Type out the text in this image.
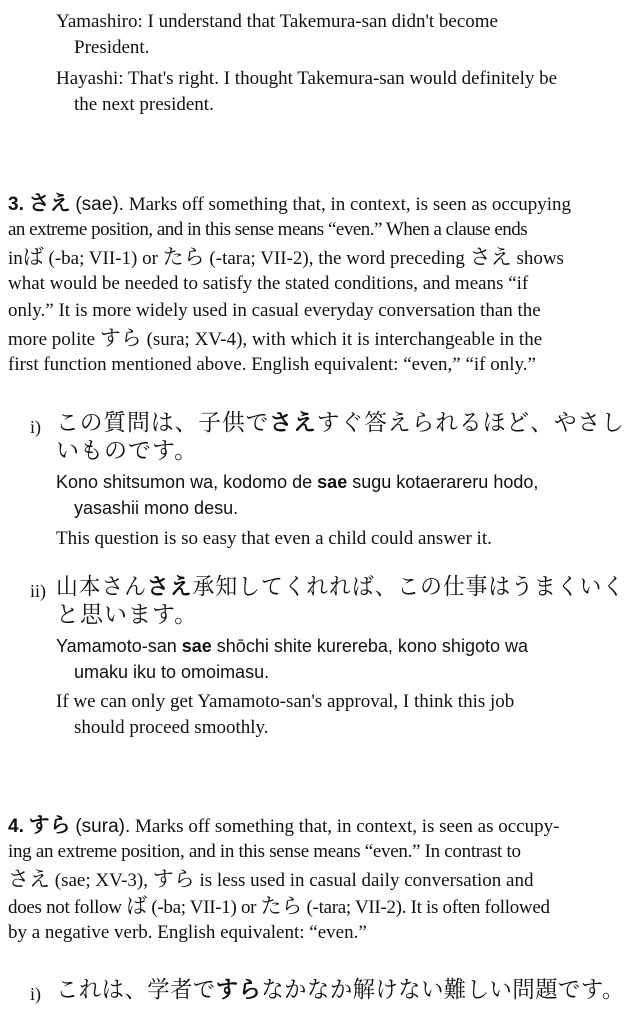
Yamashiro: I understand that Takemura-san didn't become
President.
Hayashi: That's right. I thought Takemura-san would definitely be
the next president.
3. さえ (sae). Marks off something that, in context, is seen as occupying
an extreme position, and in this sense means “even.” When a clause ends
inば (-ba; VII-1) or たら (-tara; VII-2), the word preceding さえ shows
what would be needed to satisfy the stated conditions, and means “if
only.” It is more widely used in casual everyday conversation than the
more polite すら (sura; XV-4), with which it is interchangeable in the
first function mentioned above. English equivalent: “even,” “if only.”
i) この質問は、子供でさえすぐ答えられるほど、やさし
いものです。
Kono shitsumon wa, kodomo de sae sugu kotaerareru hodo,
yasashii mono desu.
This question is so easy that even a child could answer it.
ii) 山本さんさえ承知してくれれば、この仕事はうまくいく
と思います。
Yamamoto-san sae shōchi shite kurereba, kono shigoto wa
umaku iku to omoimasu.
If we can only get Yamamoto-san's approval, I think this job
should proceed smoothly.
4. すら (sura). Marks off something that, in context, is seen as occupy-
ing an extreme position, and in this sense means “even.” In contrast to
さえ (sae; XV-3), すら is less used in casual daily conversation and
does not follow ば (-ba; VII-1) or たら (-tara; VII-2). It is often followed
by a negative verb. English equivalent: “even.”
i) これは、学者ですらなかなか解けない難しい問題です。
